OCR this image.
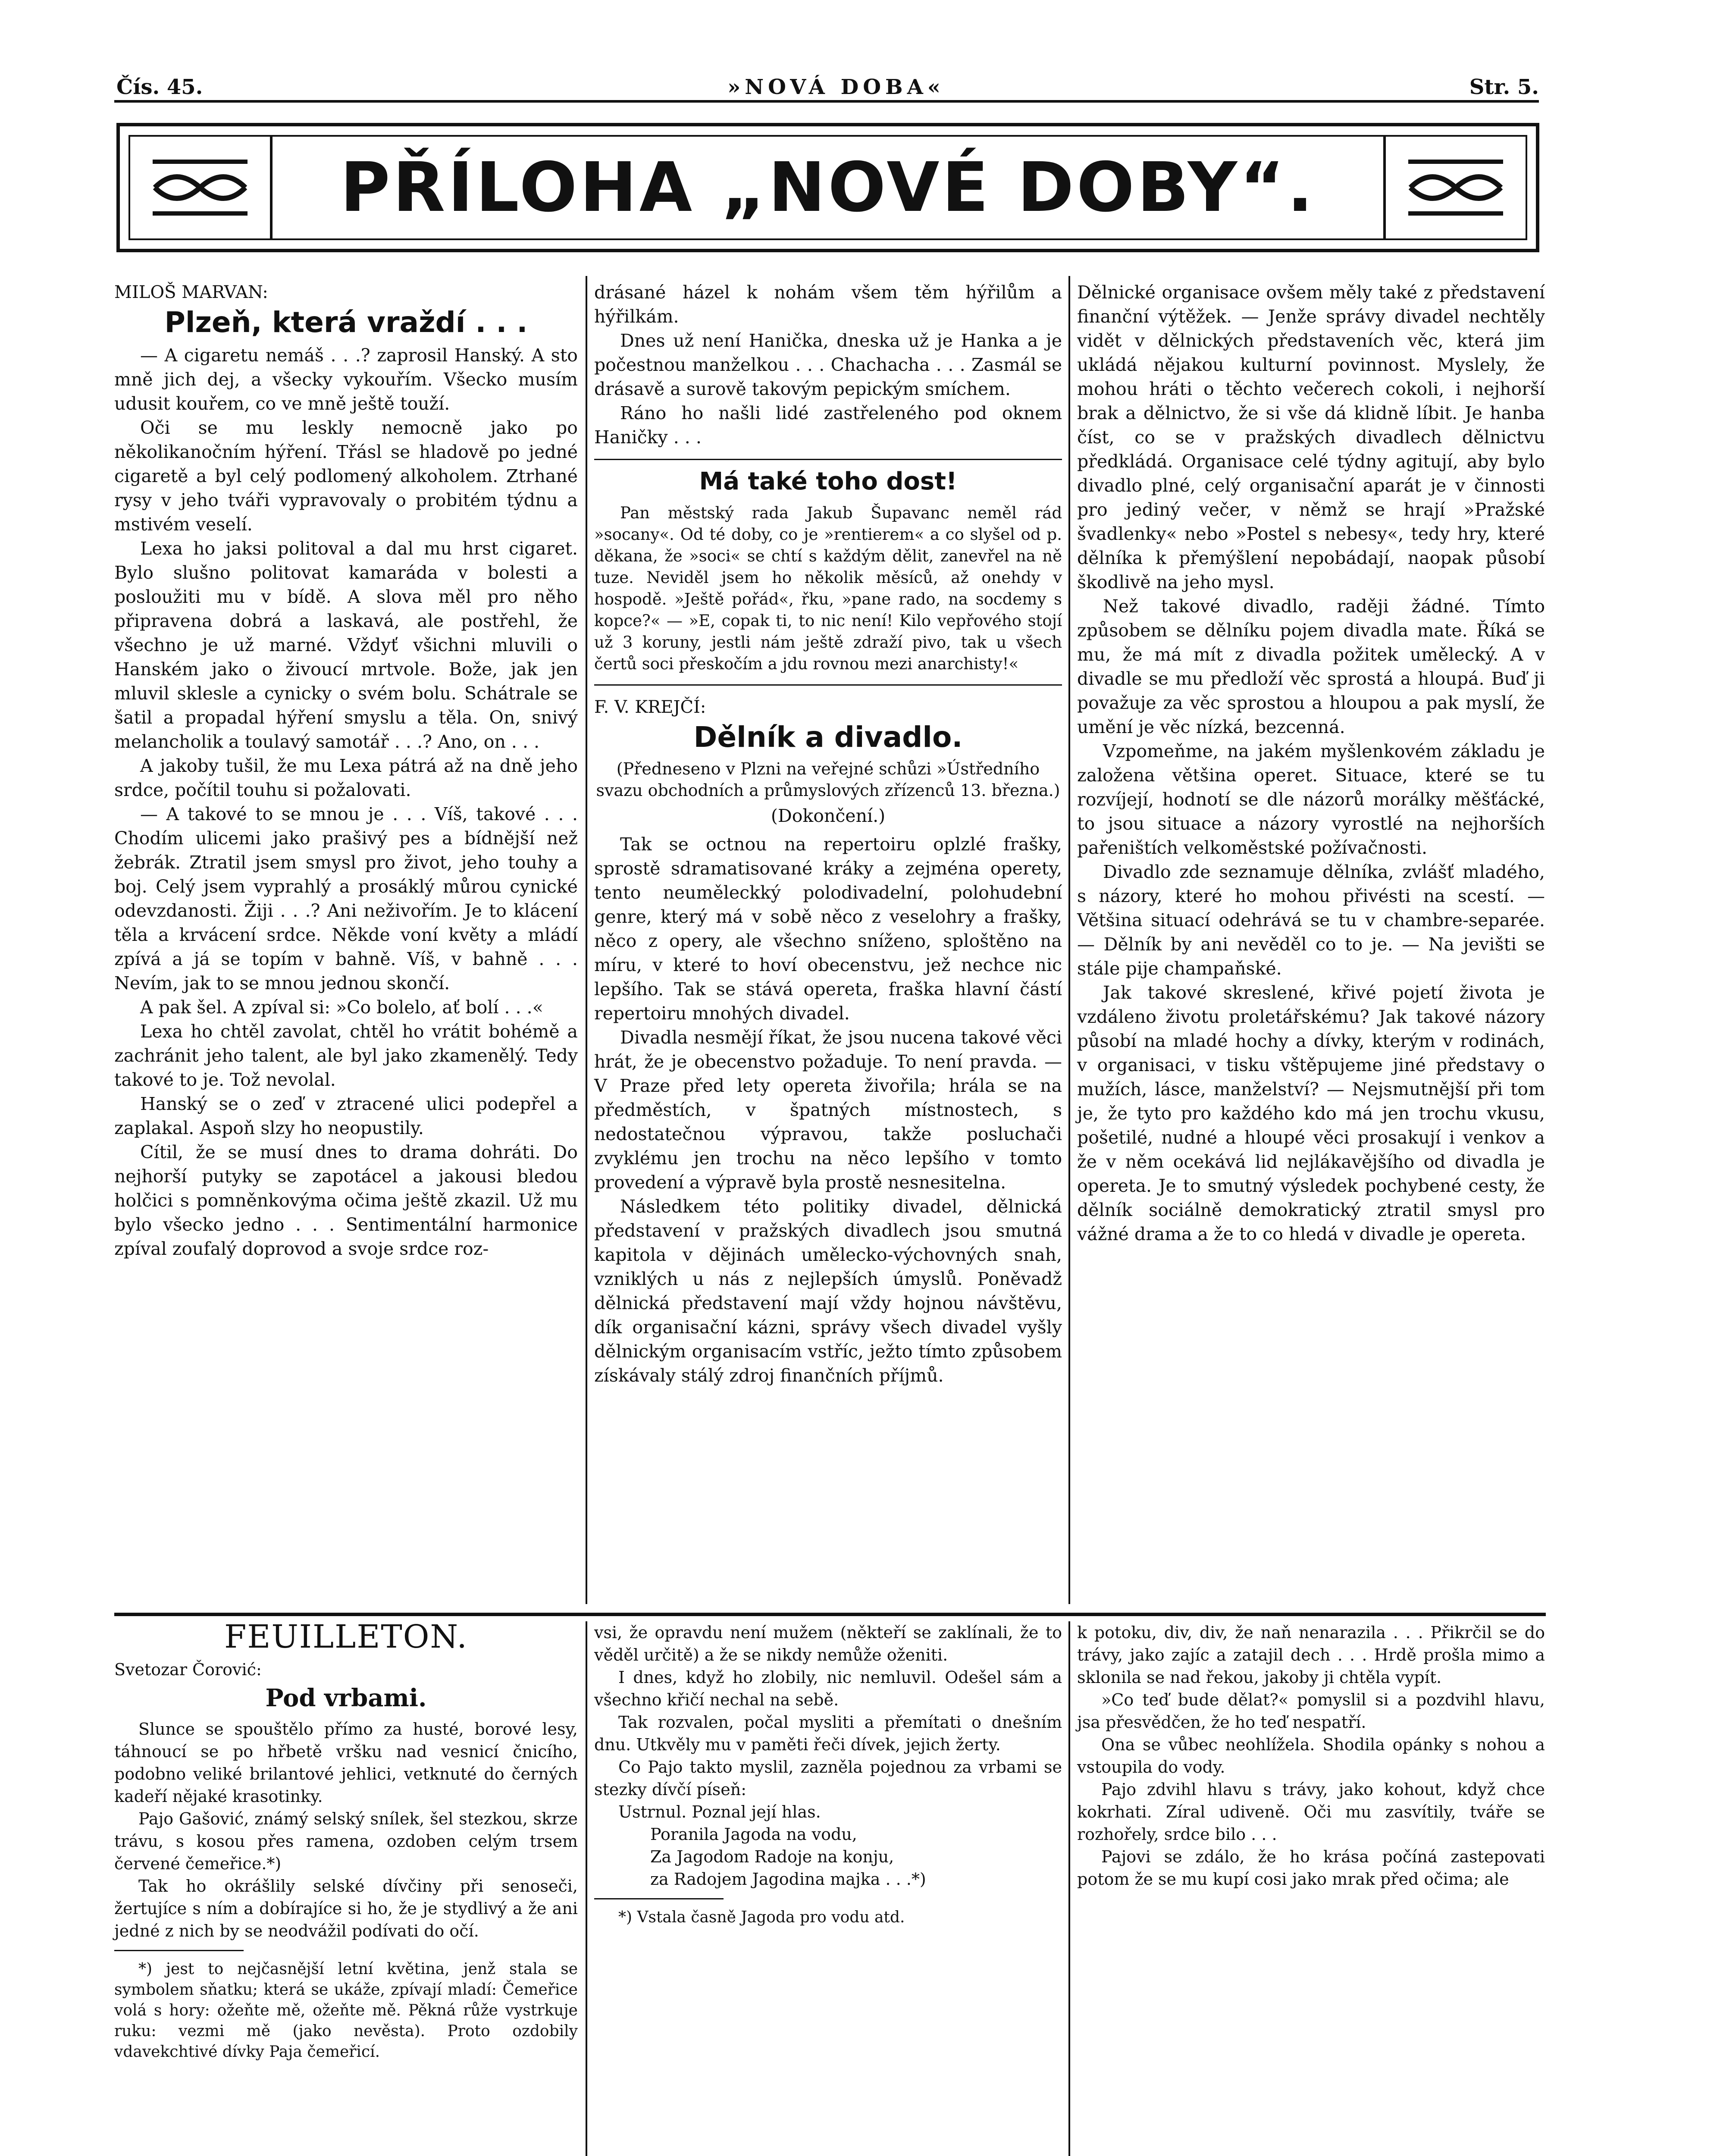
Čís. 45.	»NOVÁ DOBA«	Str. 5.
PŘÍLOHA „NOVÉ DOBY“.

MILOŠ MARVAN:

Plzeň, která vraždí . . .

— A cigaretu nemáš . . .? zaprosil Hanský. A sto mně jich dej, a všecky vykouřím. Všecko musím udusit kouřem, co ve mně ještě touží.

Oči se mu leskly nemocně jako po několikanočním hýření. Třásl se hladově po jedné cigaretě a byl celý podlomený alkoholem. Ztrhané rysy v jeho tváři vypravovaly o probitém týdnu a mstivém veselí.

Lexa ho jaksi politoval a dal mu hrst cigaret. Bylo slušno politovat kamaráda v bolesti a posloužiti mu v bídě. A slova měl pro něho připravena dobrá a laskavá, ale postřehl, že všechno je už marné. Vždyť všichni mluvili o Hanském jako o živoucí mrtvole. Bože, jak jen mluvil sklesle a cynicky o svém bolu. Schátrale se šatil a propadal hýření smyslu a těla. On, snivý melancholik a toulavý samotář . . .? Ano, on . . .

A jakoby tušil, že mu Lexa pátrá až na dně jeho srdce, počítil touhu si požalovati.

— A takové to se mnou je . . . Víš, takové . . . Chodím ulicemi jako prašivý pes a bídnější než žebrák. Ztratil jsem smysl pro život, jeho touhy a boj. Celý jsem vyprahlý a prosáklý můrou cynické odevzdanosti. Žiji . . .? Ani neživořím. Je to klácení těla a krvácení srdce. Někde voní květy a mládí zpívá a já se topím v bahně. Víš, v bahně . . . Nevím, jak to se mnou jednou skončí.

A pak šel. A zpíval si: »Co bolelo, ať bolí . . .«

Lexa ho chtěl zavolat, chtěl ho vrátit bohémě a zachránit jeho talent, ale byl jako zkamenělý. Tedy takové to je. Tož nevolal.

Hanský se o zeď v ztracené ulici podepřel a zaplakal. Aspoň slzy ho neopustily.

Cítil, že se musí dnes to drama dohráti. Do nejhorší putyky se zapotácel a jakousi bledou holčici s pomněnkovýma očima ještě zkazil. Už mu bylo všecko jedno . . . Sentimentální harmonice zpíval zoufalý doprovod a svoje srdce roz-

drásané házel k nohám všem těm hýřilům a hýřilkám.

Dnes už není Hanička, dneska už je Hanka a je počestnou manželkou . . . Chachacha . . . Zasmál se drásavě a surově takovým pepickým smíchem.

Ráno ho našli lidé zastřeleného pod oknem Haničky . . .

Má také toho dost!

Pan městský rada Jakub Šupavanc neměl rád »socany«. Od té doby, co je »rentierem« a co slyšel od p. děkana, že »soci« se chtí s každým dělit, zanevřel na ně tuze. Neviděl jsem ho několik měsíců, až onehdy v hospodě. »Ještě pořád«, řku, »pane rado, na socdemy s kopce?« — »E, copak ti, to nic není! Kilo vepřového stojí už 3 koruny, jestli nám ještě zdraží pivo, tak u všech čertů soci přeskočím a jdu rovnou mezi anarchisty!«

F. V. KREJČÍ:

Dělník a divadlo.

(Předneseno v Plzni na veřejné schůzi »Ústředního svazu obchodních a průmyslových zřízenců 13. března.)

(Dokončení.)

Tak se octnou na repertoiru oplzlé frašky, sprostě sdramatisované kráky a zejména operety, tento neuměleckký polodivadelní, polohudební genre, který má v sobě něco z veselohry a frašky, něco z opery, ale všechno sníženo, sploštěno na míru, v které to hoví obecenstvu, jež nechce nic lepšího. Tak se stává opereta, fraška hlavní částí repertoiru mnohých divadel.

Divadla nesmějí říkat, že jsou nucena takové věci hrát, že je obecenstvo požaduje. To není pravda. — V Praze před lety opereta živořila; hrála se na předměstích, v špatných místnostech, s nedostatečnou výpravou, takže posluchači zvyklému jen trochu na něco lepšího v tomto provedení a výpravě byla prostě nesnesitelna.

Následkem této politiky divadel, dělnická představení v pražských divadlech jsou smutná kapitola v dějinách umělecko-výchovných snah, vzniklých u nás z nejlepších úmyslů. Poněvadž dělnická představení mají vždy hojnou návštěvu, dík organisační kázni, správy všech divadel vyšly dělnickým organisacím vstříc, ježto tímto způsobem získávaly stálý zdroj finančních příjmů.

Dělnické organisace ovšem měly také z představení finanční výtěžek. — Jenže správy divadel nechtěly vidět v dělnických představeních věc, která jim ukládá nějakou kulturní povinnost. Myslely, že mohou hráti o těchto večerech cokoli, i nejhorší brak a dělnictvo, že si vše dá klidně líbit. Je hanba číst, co se v pražských divadlech dělnictvu předkládá. Organisace celé týdny agitují, aby bylo divadlo plné, celý organisační aparát je v činnosti pro jediný večer, v němž se hrají »Pražské švadlenky« nebo »Postel s nebesy«, tedy hry, které dělníka k přemýšlení nepobádají, naopak působí škodlivě na jeho mysl.

Než takové divadlo, raději žádné. Tímto způsobem se dělníku pojem divadla mate. Říká se mu, že má mít z divadla požitek umělecký. A v divadle se mu předloží věc sprostá a hloupá. Buď ji považuje za věc sprostou a hloupou a pak myslí, že umění je věc nízká, bezcenná.

Vzpomeňme, na jakém myšlenkovém základu je založena většina operet. Situace, které se tu rozvíjejí, hodnotí se dle názorů morálky měšťácké, to jsou situace a názory vyrostlé na nejhorších pařeništích velkoměstské požívačnosti.

Divadlo zde seznamuje dělníka, zvlášť mladého, s názory, které ho mohou přivésti na scestí. — Většina situací odehrává se tu v chambre-separée. — Dělník by ani nevěděl co to je. — Na jevišti se stále pije champaňské.

Jak takové skreslené, křivé pojetí života je vzdáleno životu proletářskému? Jak takové názory působí na mladé hochy a dívky, kterým v rodinách, v organisaci, v tisku vštěpujeme jiné představy o mužích, lásce, manželství? — Nejsmutnější při tom je, že tyto pro každého kdo má jen trochu vkusu, pošetilé, nudné a hloupé věci prosakují i venkov a že v něm ocekává lid nejlákavějšího od divadla je opereta. Je to smutný výsledek pochybené cesty, že dělník sociálně demokratický ztratil smysl pro vážné drama a že to co hledá v divadle je opereta.

FEUILLETON.

Svetozar Čorović:

Pod vrbami.

Slunce se spouštělo přímo za husté, borové lesy, táhnoucí se po hřbetě vršku nad vesnicí čnicího, podobno veliké brilantové jehlici, vetknuté do černých kadeří nějaké krasotinky.

Pajo Gašović, známý selský snílek, šel stezkou, skrze trávu, s kosou přes ramena, ozdoben celým trsem červené čemeřice.*)

Tak ho okrášlily selské dívčiny při senoseči, žertujíce s ním a dobírajíce si ho, že je stydlivý a že ani jedné z nich by se neodvážil podívati do očí.

*) jest to nejčasnější letní květina, jenž stala se symbolem sňatku; která se ukáže, zpívají mladí: Čemeřice volá s hory: ožeňte mě, ožeňte mě. Pěkná růže vystrkuje ruku: vezmi mě (jako nevěsta). Proto ozdobily vdavekchtivé dívky Paja čemeřicí.

vsi, že opravdu není mužem (někteří se zaklínali, že to věděl určitě) a že se nikdy nemůže oženiti.

I dnes, když ho zlobily, nic nemluvil. Odešel sám a všechno křičí nechal na sebě.

Tak rozvalen, počal mysliti a přemítati o dnešním dnu. Utkvěly mu v paměti řeči dívek, jejich žerty.

Co Pajo takto myslil, zazněla pojednou za vrbami se stezky dívčí píseň:

Ustrnul. Poznal její hlas.

Poranila Jagoda na vodu,

Za Jagodom Radoje na konju,

za Radojem Jagodina majka . . .*)

*) Vstala časně Jagoda pro vodu atd.

k potoku, div, div, že naň nenarazila . . . Přikrčil se do trávy, jako zajíc a zatajil dech . . . Hrdě prošla mimo a sklonila se nad řekou, jakoby ji chtěla vypít.

»Co teď bude dělat?« pomyslil si a pozdvihl hlavu, jsa přesvědčen, že ho teď nespatří.

Ona se vůbec neohlížela. Shodila opánky s nohou a vstoupila do vody.

Pajo zdvihl hlavu s trávy, jako kohout, když chce kokrhati. Zíral udiveně. Oči mu zasvítily, tváře se rozhořely, srdce bilo . . .

Pajovi se zdálo, že ho krása počíná zastepovati potom že se mu kupí cosi jako mrak před očima; ale
